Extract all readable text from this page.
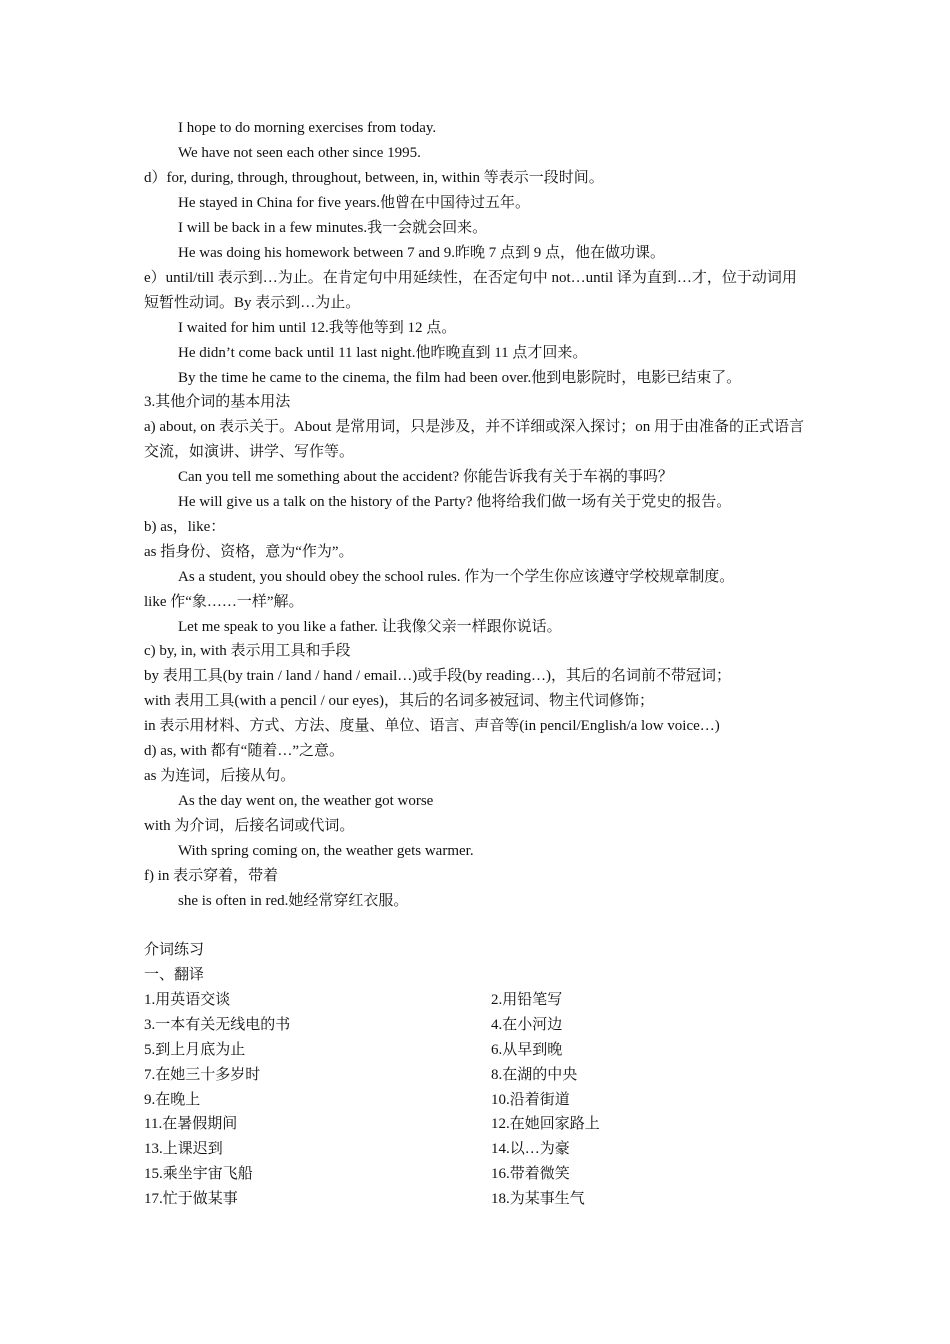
I hope to do morning exercises from today.
We have not seen each other since 1995.
d）for, during, through, throughout, between, in, within 等表示一段时间。
He stayed in China for five years.他曾在中国待过五年。
I will be back in a few minutes.我一会就会回来。
He was doing his homework between 7 and 9.昨晚 7 点到 9 点，他在做功课。
e）until/till 表示到…为止。在肯定句中用延续性，在否定句中 not…until 译为直到…才，位于动词用短暂性动词。By 表示到…为止。
I waited for him until 12.我等他等到 12 点。
He didn’t come back until 11 last night.他昨晚直到 11 点才回来。
By the time he came to the cinema, the film had been over.他到电影院时，电影已结束了。
3.其他介词的基本用法
a) about, on 表示关于。About 是常用词，只是涉及，并不详细或深入探讨；on 用于由准备的正式语言交流，如演讲、讲学、写作等。
Can you tell me something about the accident? 你能告诉我有关于车祸的事吗？
He will give us a talk on the history of the Party? 他将给我们做一场有关于党史的报告。
b) as，like：
as 指身份、资格，意为“作为”。
As a student, you should obey the school rules. 作为一个学生你应该遵守学校规章制度。
like 作“象……一样”解。
Let me speak to you like a father. 让我像父亲一样跟你说话。
c) by, in, with 表示用工具和手段
by 表用工具(by train / land / hand / email…)或手段(by reading…)，其后的名词前不带冠词；
with 表用工具(with a pencil / our eyes)，其后的名词多被冠词、物主代词修饰；
in 表示用材料、方式、方法、度量、单位、语言、声音等(in pencil/English/a low voice…)
d) as, with 都有“随着…”之意。
as 为连词，后接从句。
As the day went on, the weather got worse
with 为介词，后接名词或代词。
With spring coming on, the weather gets warmer.
f) in 表示穿着，带着
she is often in red.她经常穿红衣服。
介词练习
一、翻译
1.用英语交谈	2.用铅笔写
3.一本有关无线电的书	4.在小河边
5.到上月底为止	6.从早到晚
7.在她三十多岁时	8.在湖的中央
9.在晚上	10.沿着街道
11.在暑假期间	12.在她回家路上
13.上课迟到	14.以…为豪
15.乘坐宇宙飞船	16.带着微笑
17.忙于做某事	18.为某事生气
